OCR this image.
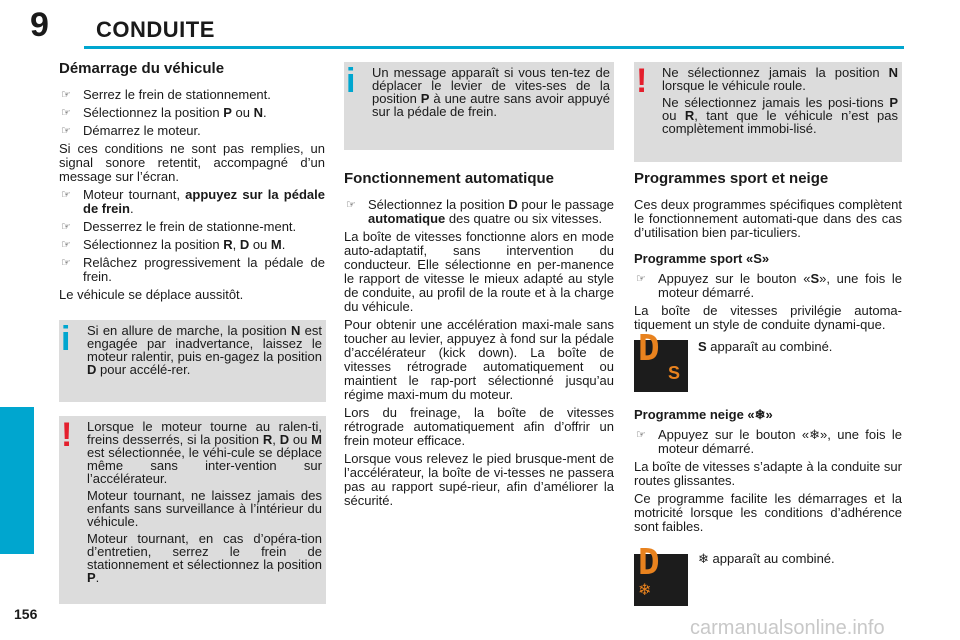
9 CONDUITE
156
carmanualsonline.info
Démarrage du véhicule
☞ Serrez le frein de stationnement.
☞ Sélectionnez la position P ou N.
☞ Démarrez le moteur.

Si ces conditions ne sont pas remplies, un signal sonore retentit, accompagné d’un message sur l’écran.

☞ Moteur tournant, appuyez sur la pédale de frein.
☞ Desserrez le frein de stationne-ment.
☞ Sélectionnez la position R, D ou M.
☞ Relâchez progressivement la pédale de frein.

Le véhicule se déplace aussitôt.

i Si en allure de marche, la position N est engagée par inadvertance, laissez le moteur ralentir, puis en-gagez la position D pour accélé-rer.

! Lorsque le moteur tourne au ralen-ti, freins desserrés, si la position R, D ou M est sélectionnée, le véhi-cule se déplace même sans inter-vention sur l’accélérateur.

Moteur tournant, ne laissez jamais des enfants sans surveillance à l’intérieur du véhicule.

Moteur tournant, en cas d’opéra-tion d’entretien, serrez le frein de stationnement et sélectionnez la position P.

i Un message apparaît si vous ten-tez de déplacer le levier de vites-ses de la position P à une autre sans avoir appuyé sur la pédale de frein.

Fonctionnement automatique
☞ Sélectionnez la position D pour le passage automatique des quatre ou six vitesses.

La boîte de vitesses fonctionne alors en mode auto-adaptatif, sans intervention du conducteur. Elle sélectionne en per-manence le rapport de vitesse le mieux adapté au style de conduite, au profil de la route et à la charge du véhicule.

Pour obtenir une accélération maxi-male sans toucher au levier, appuyez à fond sur la pédale d’accélérateur (kick down). La boîte de vitesses rétrograde automatiquement ou maintient le rap-port sélectionné jusqu’au régime maxi-mum du moteur.

Lors du freinage, la boîte de vitesses rétrograde automatiquement afin d’offrir un frein moteur efficace.

Lorsque vous relevez le pied brusque-ment de l’accélérateur, la boîte de vi-tesses ne passera pas au rapport supé-rieur, afin d’améliorer la sécurité.

! Ne sélectionnez jamais la position N lorsque le véhicule roule.

Ne sélectionnez jamais les posi-tions P ou R, tant que le véhicule n’est pas complètement immobi-lisé.

Programmes sport et neige

Ces deux programmes spécifiques complètent le fonctionnement automati-que dans des cas d’utilisation bien par-ticuliers.

Programme sport «S»
☞ Appuyez sur le bouton «S», une fois le moteur démarré.

La boîte de vitesses privilégie automa-tiquement un style de conduite dynami-que.

D
S
S apparaît au combiné.
Programme neige «❄»
☞ Appuyez sur le bouton «❄», une fois le moteur démarré.

La boîte de vitesses s’adapte à la conduite sur routes glissantes.

Ce programme facilite les démarrages et la motricité lorsque les conditions d’adhérence sont faibles.

D
❄
❄ apparaît au combiné.
